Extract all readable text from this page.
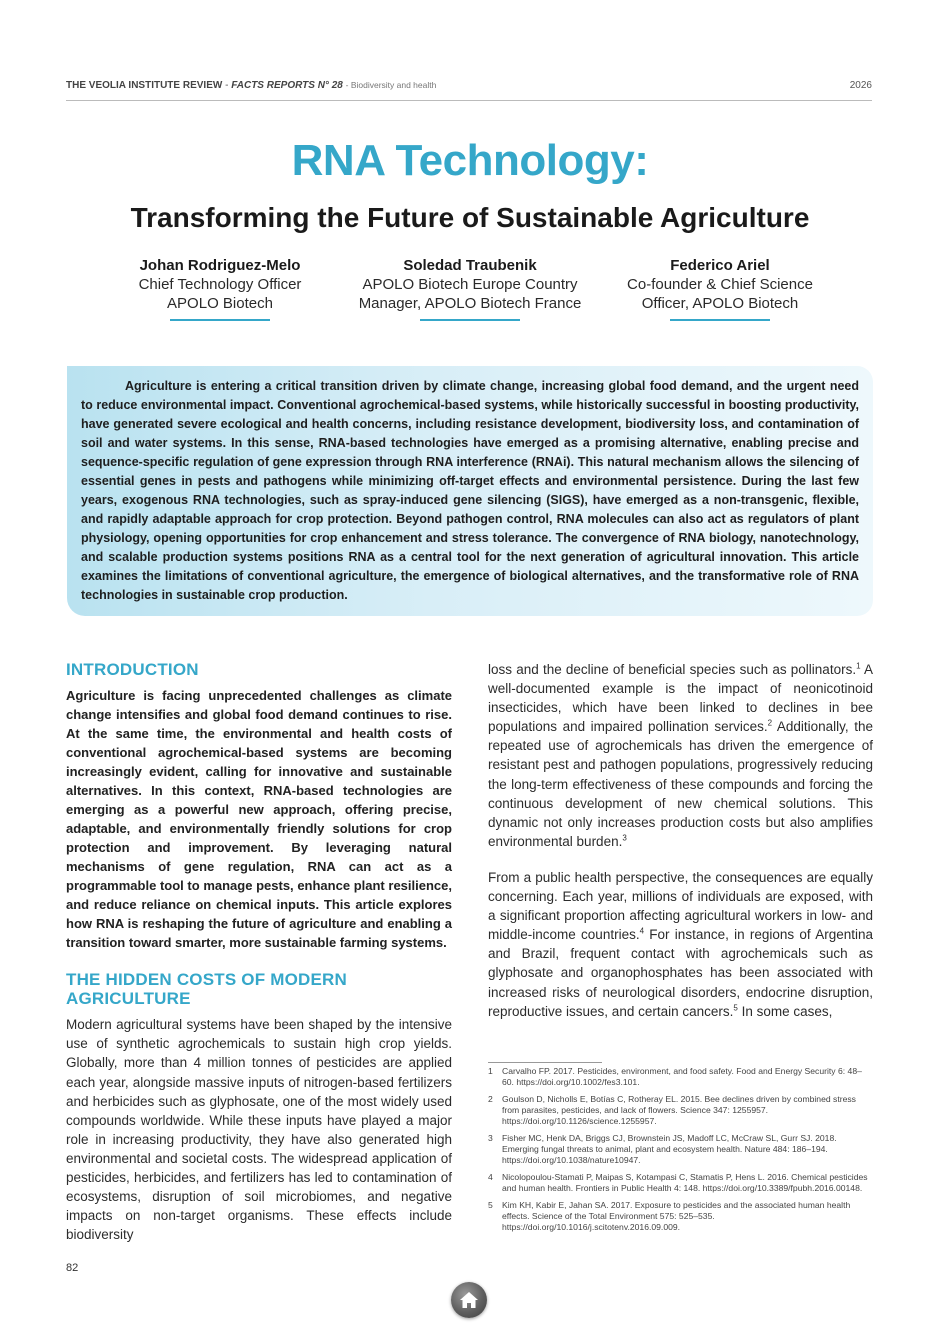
THE VEOLIA INSTITUTE REVIEW - FACTS REPORTS N° 28 - Biodiversity and health	2026
RNA Technology:
Transforming the Future of Sustainable Agriculture
Johan Rodriguez-Melo
Chief Technology Officer
APOLO Biotech
Soledad Traubenik
APOLO Biotech Europe Country
Manager, APOLO Biotech France
Federico Ariel
Co-founder & Chief Science
Officer, APOLO Biotech

Agriculture is entering a critical transition driven by climate change, increasing global food demand, and the urgent need to reduce environmental impact. Conventional agrochemical-based systems, while historically successful in boosting productivity, have generated severe ecological and health concerns, including resistance development, biodiversity loss, and contamination of soil and water systems. In this sense, RNA-based technologies have emerged as a promising alternative, enabling precise and sequence-specific regulation of gene expression through RNA interference (RNAi). This natural mechanism allows the silencing of essential genes in pests and pathogens while minimizing off-target effects and environmental persistence. During the last few years, exogenous RNA technologies, such as spray-induced gene silencing (SIGS), have emerged as a non-transgenic, flexible, and rapidly adaptable approach for crop protection. Beyond pathogen control, RNA molecules can also act as regulators of plant physiology, opening opportunities for crop enhancement and stress tolerance. The convergence of RNA biology, nanotechnology, and scalable production systems positions RNA as a central tool for the next generation of agricultural innovation. This article examines the limitations of conventional agriculture, the emergence of biological alternatives, and the transformative role of RNA technologies in sustainable crop production.

INTRODUCTION

Agriculture is facing unprecedented challenges as climate change intensifies and global food demand continues to rise. At the same time, the environmental and health costs of conventional agrochemical-based systems are becoming increasingly evident, calling for innovative and sustainable alternatives. In this context, RNA-based technologies are emerging as a powerful new approach, offering precise, adaptable, and environmentally friendly solutions for crop protection and improvement. By leveraging natural mechanisms of gene regulation, RNA can act as a programmable tool to manage pests, enhance plant resilience, and reduce reliance on chemical inputs. This article explores how RNA is reshaping the future of agriculture and enabling a transition toward smarter, more sustainable farming systems.

THE HIDDEN COSTS OF MODERN AGRICULTURE

Modern agricultural systems have been shaped by the intensive use of synthetic agrochemicals to sustain high crop yields. Globally, more than 4 million tonnes of pesticides are applied each year, alongside massive inputs of nitrogen-based fertilizers and herbicides such as glyphosate, one of the most widely used compounds worldwide. While these inputs have played a major role in increasing productivity, they have also generated high environmental and societal costs. The widespread application of pesticides, herbicides, and fertilizers has led to contamination of ecosystems, disruption of soil microbiomes, and negative impacts on non-target organisms. These effects include biodiversity

loss and the decline of beneficial species such as pollinators.$^1$ A well-documented example is the impact of neonicotinoid insecticides, which have been linked to declines in bee populations and impaired pollination services.$^2$ Additionally, the repeated use of agrochemicals has driven the emergence of resistant pest and pathogen populations, progressively reducing the long-term effectiveness of these compounds and forcing the continuous development of new chemical solutions. This dynamic not only increases production costs but also amplifies environmental burden.$^3$

From a public health perspective, the consequences are equally concerning. Each year, millions of individuals are exposed, with a significant proportion affecting agricultural workers in low- and middle-income countries.$^4$ For instance, in regions of Argentina and Brazil, frequent contact with agrochemicals such as glyphosate and organophosphates has been associated with increased risks of neurological disorders, endocrine disruption, reproductive issues, and certain cancers.$^5$ In some cases,

1 Carvalho FP. 2017. Pesticides, environment, and food safety. Food and Energy Security 6: 48–60. https://doi.org/10.1002/fes3.101.
2 Goulson D, Nicholls E, Botías C, Rotheray EL. 2015. Bee declines driven by combined stress from parasites, pesticides, and lack of flowers. Science 347: 1255957. https://doi.org/10.1126/science.1255957.
3 Fisher MC, Henk DA, Briggs CJ, Brownstein JS, Madoff LC, McCraw SL, Gurr SJ. 2018. Emerging fungal threats to animal, plant and ecosystem health. Nature 484: 186–194. https://doi.org/10.1038/nature10947.
4 Nicolopoulou-Stamati P, Maipas S, Kotampasi C, Stamatis P, Hens L. 2016. Chemical pesticides and human health. Frontiers in Public Health 4: 148. https://doi.org/10.3389/fpubh.2016.00148.
5 Kim KH, Kabir E, Jahan SA. 2017. Exposure to pesticides and the associated human health effects. Science of the Total Environment 575: 525–535. https://doi.org/10.1016/j.scitotenv.2016.09.009.
82
